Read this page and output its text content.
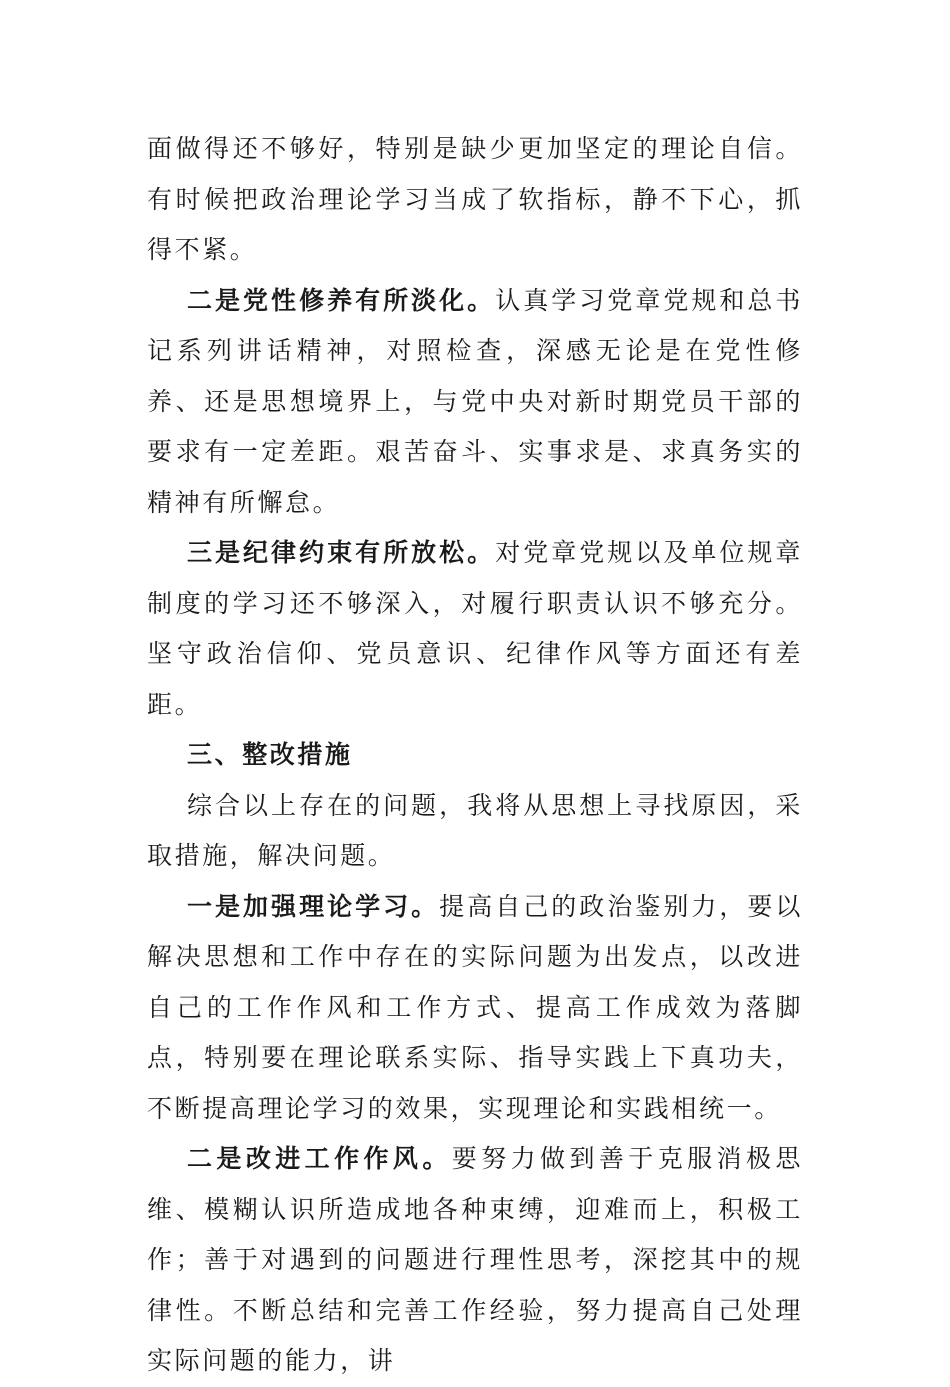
面做得还不够好，特别是缺少更加坚定的理论自信。有时候把政治理论学习当成了软指标，静不下心，抓得不紧。

二是党性修养有所淡化。认真学习党章党规和总书记系列讲话精神，对照检查，深感无论是在党性修养、还是思想境界上，与党中央对新时期党员干部的要求有一定差距。艰苦奋斗、实事求是、求真务实的精神有所懈怠。

三是纪律约束有所放松。对党章党规以及单位规章制度的学习还不够深入，对履行职责认识不够充分。坚守政治信仰、党员意识、纪律作风等方面还有差距。

三、整改措施

综合以上存在的问题，我将从思想上寻找原因，采取措施，解决问题。

一是加强理论学习。提高自己的政治鉴别力，要以解决思想和工作中存在的实际问题为出发点，以改进自己的工作作风和工作方式、提高工作成效为落脚点，特别要在理论联系实际、指导实践上下真功夫，不断提高理论学习的效果，实现理论和实践相统一。

二是改进工作作风。要努力做到善于克服消极思维、模糊认识所造成地各种束缚，迎难而上，积极工作；善于对遇到的问题进行理性思考，深挖其中的规律性。不断总结和完善工作经验，努力提高自己处理实际问题的能力，讲
